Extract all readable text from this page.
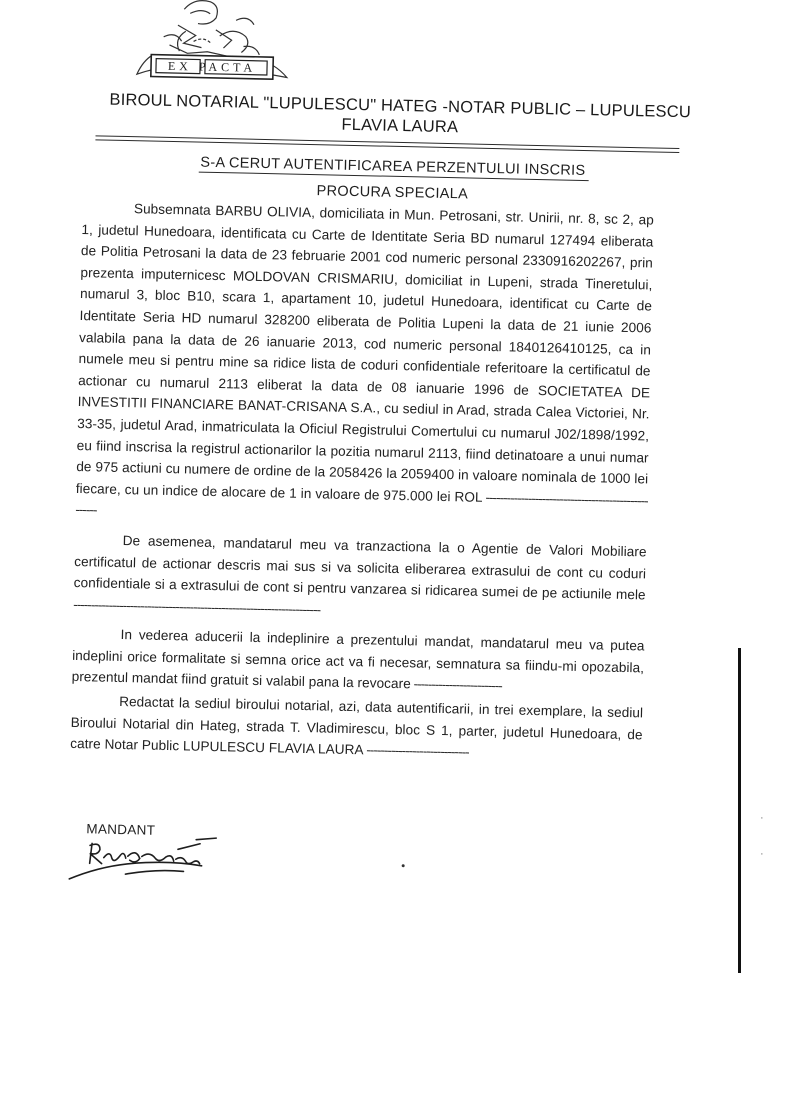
EX PACTA
BIROUL NOTARIAL "LUPULESCU" HATEG -NOTAR PUBLIC – LUPULESCU
FLAVIA LAURA
S-A CERUT AUTENTIFICAREA PERZENTULUI INSCRIS
PROCURA SPECIALA

Subsemnata BARBU OLIVIA, domiciliata in Mun. Petrosani, str. Unirii, nr. 8, sc 2, ap 1, judetul Hunedoara, identificata cu Carte de Identitate Seria BD numarul 127494 eliberata de Politia Petrosani la data de 23 februarie 2001 cod numeric personal 2330916202267, prin prezenta imputernicesc MOLDOVAN CRISMARIU, domiciliat in Lupeni, strada Tineretului, numarul 3, bloc B10, scara 1, apartament 10, judetul Hunedoara, identificat cu Carte de Identitate Seria HD numarul 328200 eliberata de Politia Lupeni la data de 21 iunie 2006 valabila pana la data de 26 ianuarie 2013, cod numeric personal 1840126410125, ca in numele meu si pentru mine sa ridice lista de coduri confidentiale referitoare la certificatul de actionar cu numarul 2113 eliberat la data de 08 ianuarie 1996 de SOCIETATEA DE INVESTITII FINANCIARE BANAT-CRISANA S.A., cu sediul in Arad, strada Calea Victoriei, Nr. 33-35, judetul Arad, inmatriculata la Oficiul Registrului Comertului cu numarul J02/1898/1992, eu fiind inscrisa la registrul actionarilor la pozitia numarul 2113, fiind detinatoare a unui numar de 975 actiuni cu numere de ordine de la 2058426 la 2059400 in valoare nominala de 1000 lei fiecare, cu un indice de alocare de 1 in valoare de 975.000 lei ROL ----------------------------------------------------

De asemenea, mandatarul meu va tranzactiona la o Agentie de Valori Mobiliare certificatul de actionar descris mai sus si va solicita eliberarea extrasului de cont cu coduri confidentiale si a extrasului de cont si pentru vanzarea si ridicarea sumei de pe actiunile mele ----------------------------------------------------------------------

In vederea aducerii la indeplinire a prezentului mandat, mandatarul meu va putea indeplini orice formalitate si semna orice act va fi necesar, semnatura sa fiindu-mi opozabila, prezentul mandat fiind gratuit si valabil pana la revocare -------------------------

Redactat la sediul biroului notarial, azi, data autentificarii, in trei exemplare, la sediul Biroului Notarial din Hateg, strada T. Vladimirescu, bloc S 1, parter, judetul Hunedoara, de catre Notar Public LUPULESCU FLAVIA LAURA -----------------------------

MANDANT
·
·
